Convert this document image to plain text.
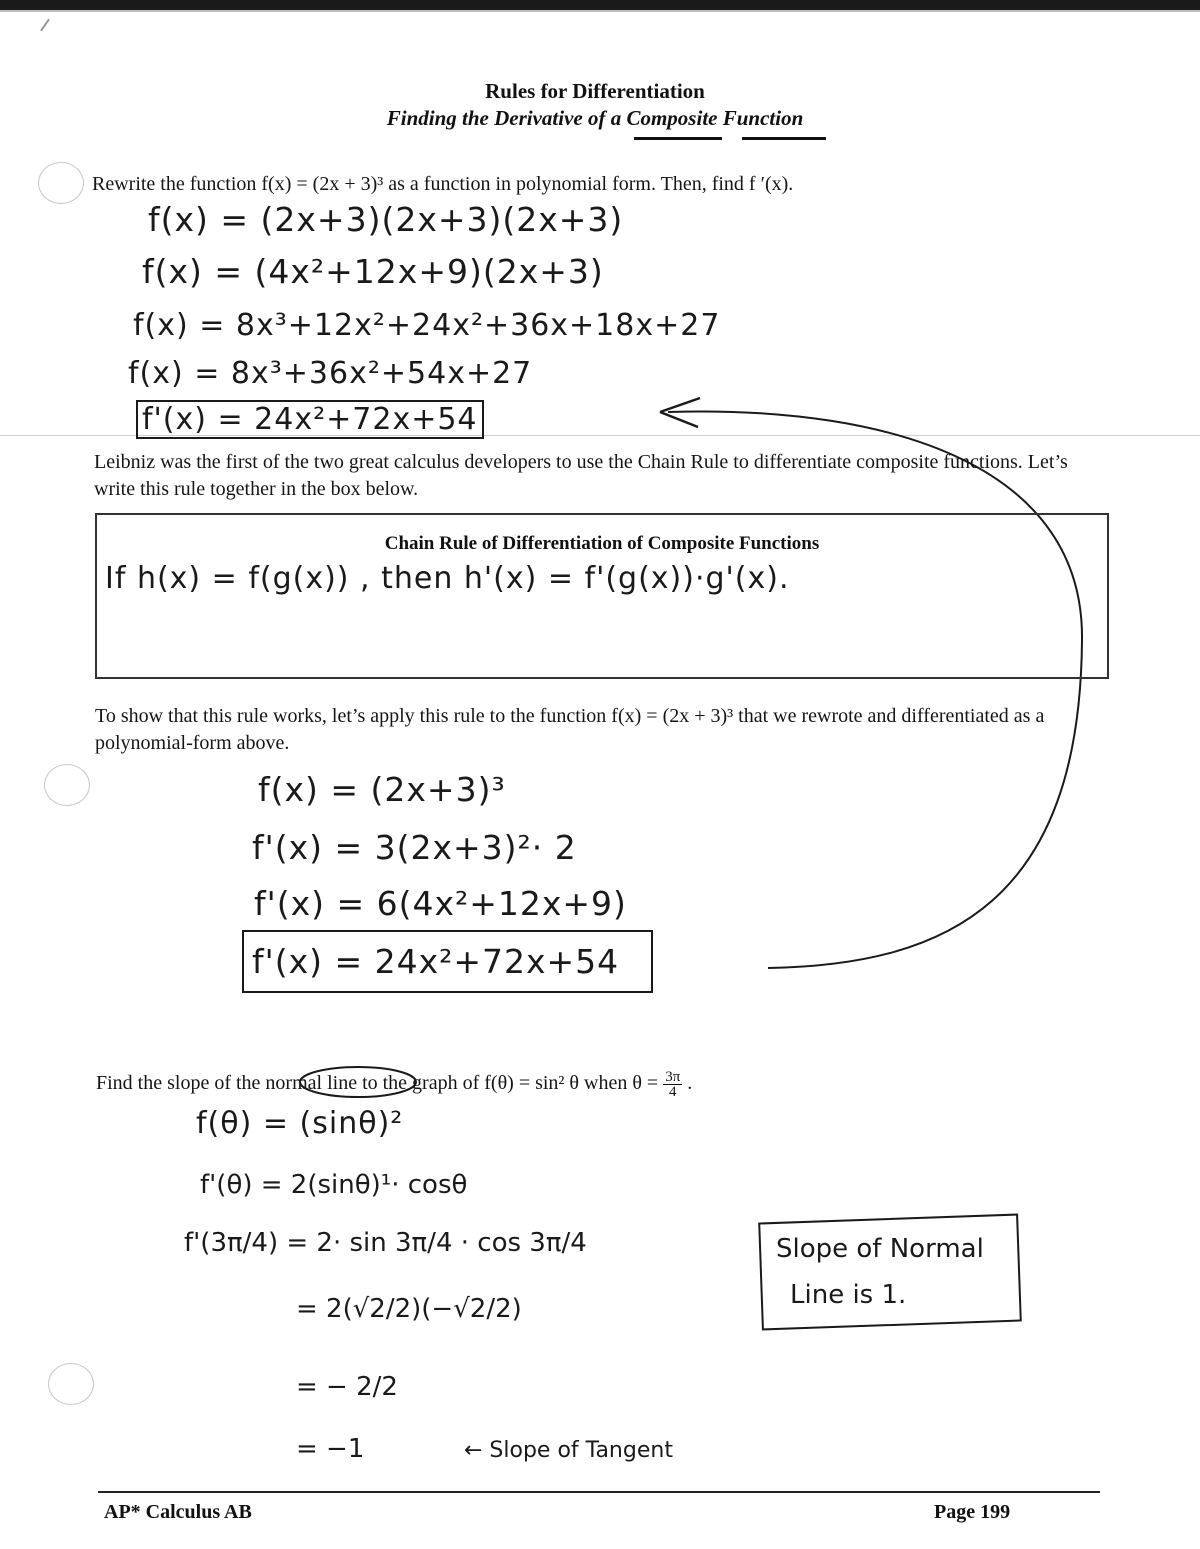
Rules for Differentiation
Finding the Derivative of a Composite Function
Rewrite the function f(x) = (2x + 3)³ as a function in polynomial form. Then, find f ′(x).
f(x) = (2x+3)(2x+3)(2x+3)
f(x) = (4x²+12x+9)(2x+3)
f(x) = 8x³+12x²+24x²+36x+18x+27
f(x) = 8x³+36x²+54x+27
f'(x) = 24x²+72x+54
Leibniz was the first of the two great calculus developers to use the Chain Rule to differentiate composite functions. Let’s write this rule together in the box below.
Chain Rule of Differentiation of Composite Functions
If h(x) = f(g(x)) , then h'(x) = f'(g(x))·g'(x).
To show that this rule works, let’s apply this rule to the function f(x) = (2x + 3)³ that we rewrote and differentiated as a polynomial-form above.
f(x) = (2x+3)³
f'(x) = 3(2x+3)²· 2
f'(x) = 6(4x²+12x+9)
f'(x) = 24x²+72x+54
Find the slope of the normal line to the graph of f(θ) = sin² θ when $\theta = \frac{3\pi}{4}$ .
f(θ) = (sinθ)²
f'(θ) = 2(sinθ)¹· cosθ
f'(3π/4) = 2· sin 3π/4 · cos 3π/4
= 2(√2/2)(−√2/2)
= − 2/2
= −1	← Slope of Tangent
Slope of Normal
Line is 1.
AP* Calculus AB	Page 199
